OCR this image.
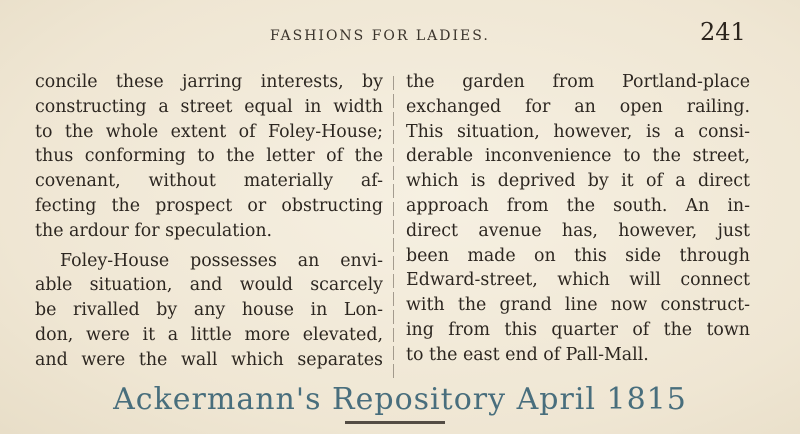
FASHIONS FOR LADIES.	241

concile these jarring interests, by
constructing a street equal in width
to the whole extent of Foley-House;
thus conforming to the letter of the
covenant, without materially af-
fecting the prospect or obstructing
the ardour for speculation.

Foley-House possesses an envi-
able situation, and would scarcely
be rivalled by any house in Lon-
don, were it a little more elevated,
and were the wall which separates

the garden from Portland-place
exchanged for an open railing.
This situation, however, is a consi-
derable inconvenience to the street,
which is deprived by it of a direct
approach from the south. An in-
direct avenue has, however, just
been made on this side through
Edward-street, which will connect
with the grand line now construct-
ing from this quarter of the town
to the east end of Pall-Mall.

Ackermann's Repository April 1815
